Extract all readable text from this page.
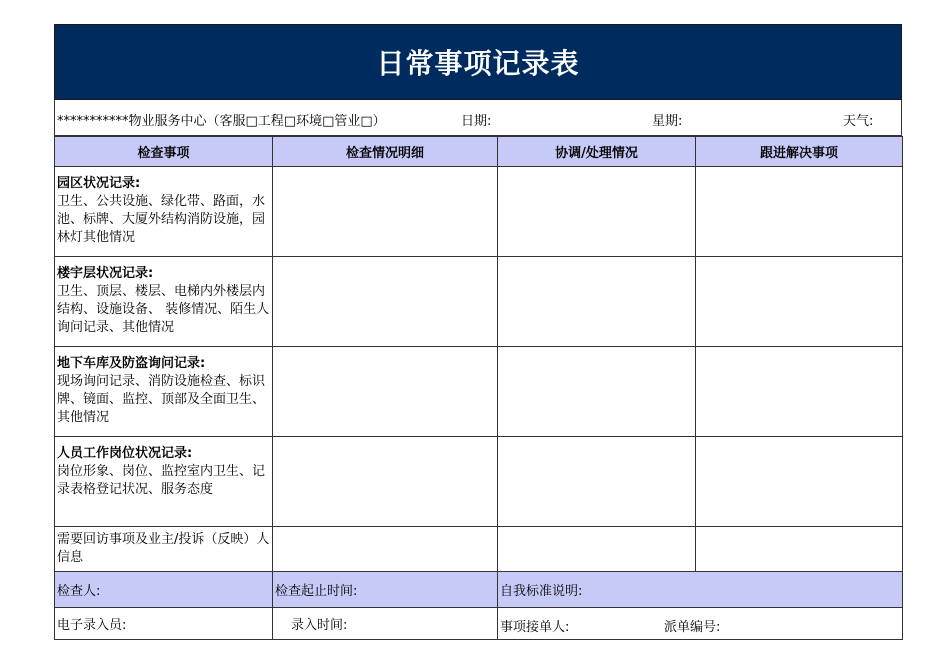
日常事项记录表
***********物业服务中心（客服□工程□环境□管业□）	日期:	星期:	天气:
检查事项	检查情况明细	协调/处理情况	跟进解决事项

园区状况记录:
卫生、公共设施、绿化带、路面，水池、标牌、大厦外结构消防设施，园林灯其他情况			

楼宇层状况记录:
卫生、顶层、楼层、电梯内外楼层内结构、设施设备、 装修情况、陌生人询问记录、其他情况			

地下车库及防盗询问记录:
现场询问记录、消防设施检查、标识牌、镜面、监控、顶部及全面卫生、其他情况			

人员工作岗位状况记录:
岗位形象、岗位、监控室内卫生、记录表格登记状况、服务态度			
需要回访事项及业主/投诉（反映）人信息			
检查人:	检查起止时间:	自我标准说明:	
电子录入员:	录入时间:	事项接单人: 派单编号:	
